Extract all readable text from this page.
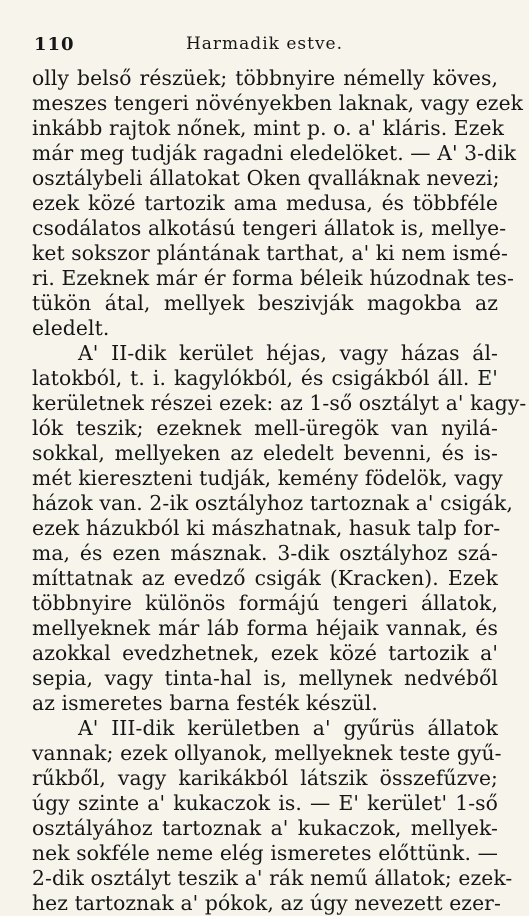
110	Harmadik estve.
olly belső részüek; többnyire némelly köves,
meszes tengeri növényekben laknak, vagy ezek
inkább rajtok nőnek, mint p. o. a' kláris. Ezek
már meg tudják ragadni eledelöket. — A' 3-dik
osztálybeli állatokat Oken qvalláknak nevezi;
ezek közé tartozik ama medusa, és többféle
csodálatos alkotású tengeri állatok is, mellye-
ket sokszor plántának tarthat, a' ki nem ismé-
ri. Ezeknek már ér forma béleik húzodnak tes-
tükön átal, mellyek beszivják magokba az
eledelt.
A' II-dik kerület héjas, vagy házas ál-
latokból, t. i. kagylókból, és csigákból áll. E'
kerületnek részei ezek: az 1-ső osztályt a' kagy-
lók teszik; ezeknek mell-üregök van nyilá-
sokkal, mellyeken az eledelt bevenni, és is-
mét kiereszteni tudják, kemény födelök, vagy
házok van. 2-ik osztályhoz tartoznak a' csigák,
ezek házukból ki mászhatnak, hasuk talp for-
ma, és ezen másznak. 3-dik osztályhoz szá-
míttatnak az evedző csigák (Kracken). Ezek
többnyire különös formájú tengeri állatok,
mellyeknek már láb forma héjaik vannak, és
azokkal evedzhetnek, ezek közé tartozik a'
sepia, vagy tinta-hal is, mellynek nedvéből
az ismeretes barna festék készül.
A' III-dik kerületben a' gyűrüs állatok
vannak; ezek ollyanok, mellyeknek teste gyű-
rűkből, vagy karikákból látszik összefűzve;
úgy szinte a' kukaczok is. — E' kerület' 1-ső
osztályához tartoznak a' kukaczok, mellyek-
nek sokféle neme elég ismeretes előttünk. —
2-dik osztályt teszik a' rák nemű állatok; ezek-
hez tartoznak a' pókok, az úgy nevezett ezer-
